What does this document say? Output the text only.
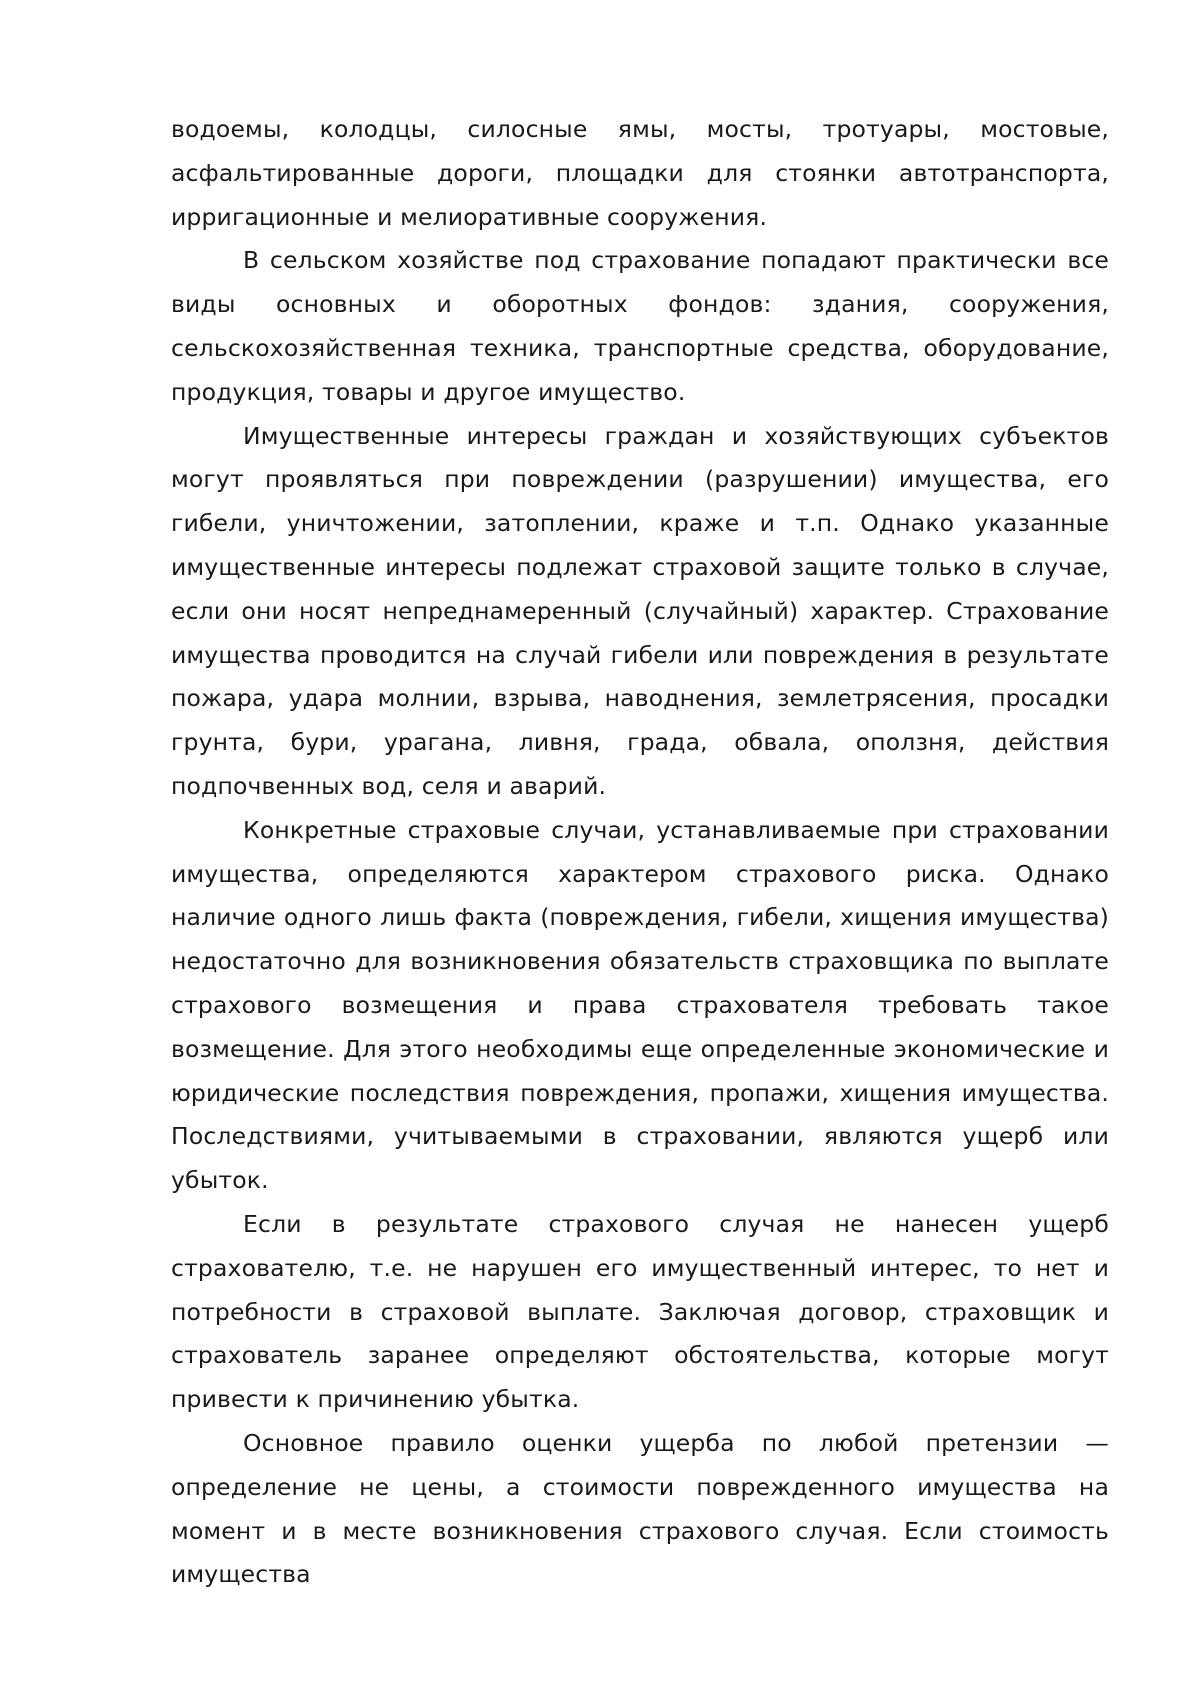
водоемы, колодцы, силосные ямы, мосты, тротуары, мостовые, асфальтированные дороги, площадки для стоянки автотранспорта, ирригационные и мелиоративные сооружения.

В сельском хозяйстве под страхование попадают практически все виды основных и оборотных фондов: здания, сооружения, сельскохозяйственная техника, транспортные средства, оборудование, продукция, товары и другое имущество.

Имущественные интересы граждан и хозяйствующих субъектов могут проявляться при повреждении (разрушении) имущества, его гибели, уничтожении, затоплении, краже и т.п. Однако указанные имущественные интересы подлежат страховой защите только в случае, если они носят непреднамеренный (случайный) характер. Страхование имущества проводится на случай гибели или повреждения в результате пожара, удара молнии, взрыва, наводнения, землетрясения, просадки грунта, бури, урагана, ливня, града, обвала, оползня, действия подпочвенных вод, селя и аварий.

Конкретные страховые случаи, устанавливаемые при страховании имущества, определяются характером страхового риска. Однако наличие одного лишь факта (повреждения, гибели, хищения имущества) недостаточно для возникновения обязательств страховщика по выплате страхового возмещения и права страхователя требовать такое возмещение. Для этого необходимы еще определенные экономические и юридические последствия повреждения, пропажи, хищения имущества. Последствиями, учитываемыми в страховании, являются ущерб или убыток.

Если в результате страхового случая не нанесен ущерб страхователю, т.е. не нарушен его имущественный интерес, то нет и потребности в страховой выплате. Заключая договор, страховщик и страхователь заранее определяют обстоятельства, которые могут привести к причинению убытка.

Основное правило оценки ущерба по любой претензии — определение не цены, а стоимости поврежденного имущества на момент и в месте возникновения страхового случая. Если стоимость имущества
